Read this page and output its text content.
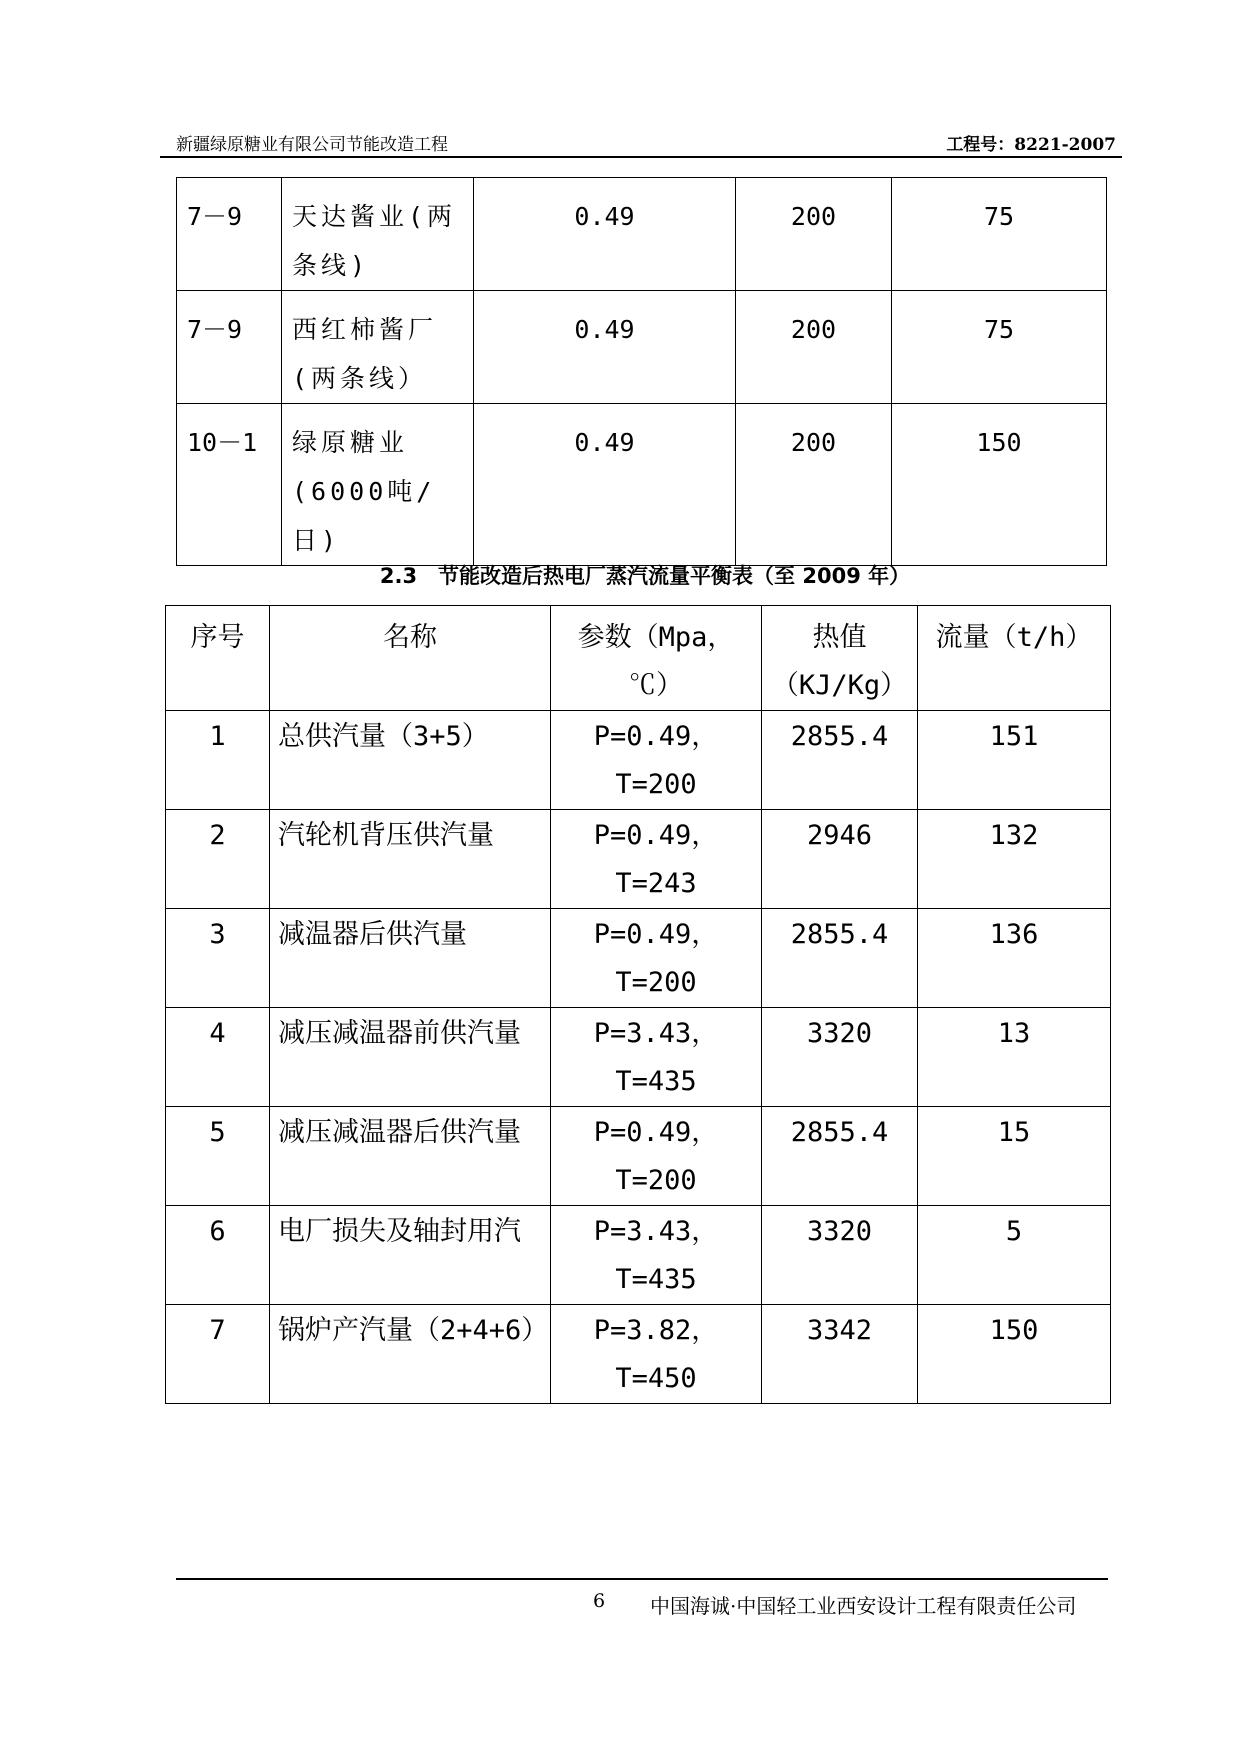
新疆绿原糖业有限公司节能改造工程	工程号：8221-2007
7－9	天达酱业(两条线)	0.49	200	75
7－9	西红柿酱厂(两条线）	0.49	200	75
10－1	绿原糖业(6000吨/日)	0.49	200	150
2.3　节能改造后热电厂蒸汽流量平衡表（至 2009 年）
序号	名称	参数（Mpa，℃）	热值（KJ/Kg）	流量（t/h）
1	总供汽量（3+5）	P=0.49，T=200	2855.4	151
2	汽轮机背压供汽量	P=0.49，T=243	2946	132
3	减温器后供汽量	P=0.49，T=200	2855.4	136
4	减压减温器前供汽量	P=3.43，T=435	3320	13
5	减压减温器后供汽量	P=0.49，T=200	2855.4	15
6	电厂损失及轴封用汽	P=3.43，T=435	3320	5
7	锅炉产汽量（2+4+6）	P=3.82，T=450	3342	150
6 中国海诚·中国轻工业西安设计工程有限责任公司
